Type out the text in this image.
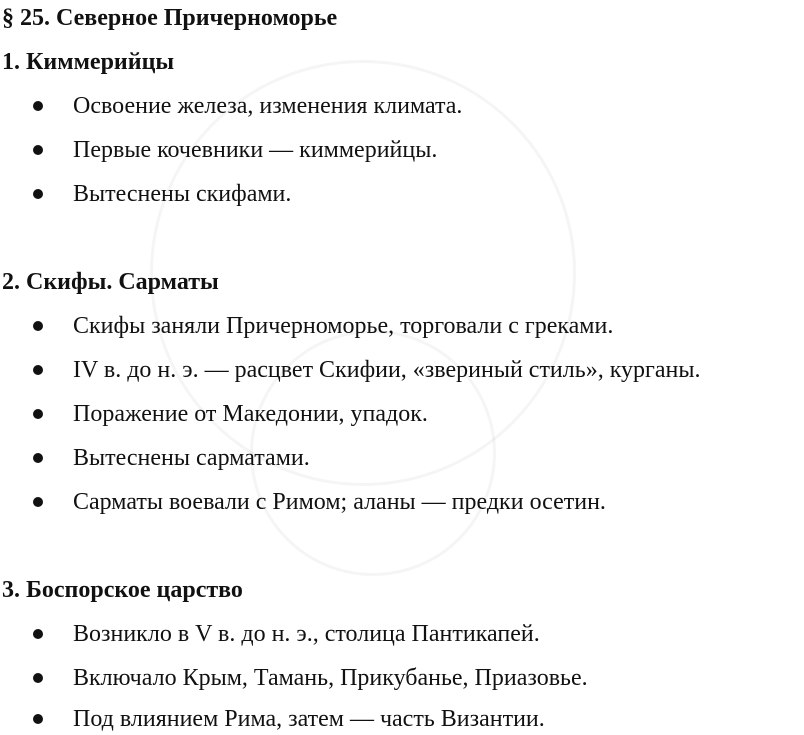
§ 25. Северное Причерноморье
1. Киммерийцы
Освоение железа, изменения климата.
Первые кочевники — киммерийцы.
Вытеснены скифами.
2. Скифы. Сарматы
Скифы заняли Причерноморье, торговали с греками.
IV в. до н. э. — расцвет Скифии, «звериный стиль», курганы.
Поражение от Македонии, упадок.
Вытеснены сарматами.
Сарматы воевали с Римом; аланы — предки осетин.
3. Боспорское царство
Возникло в V в. до н. э., столица Пантикапей.
Включало Крым, Тамань, Прикубанье, Приазовье.
Под влиянием Рима, затем — часть Византии.
